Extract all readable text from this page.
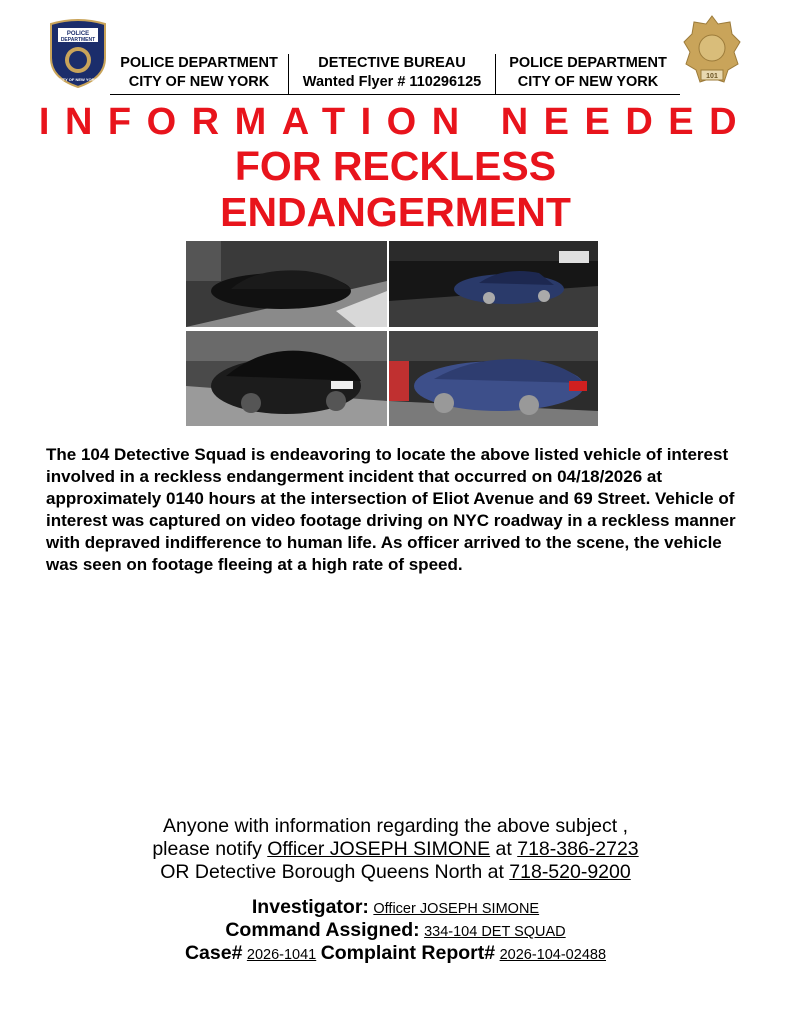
POLICE
DEPARTMENT
CITY OF NEW YORK	101
POLICE DEPARTMENT
CITY OF NEW YORK
DETECTIVE BUREAU
Wanted Flyer # 110296125
POLICE DEPARTMENT
CITY OF NEW YORK
INFORMATION NEEDED
FOR RECKLESS
ENDANGERMENT
The 104 Detective Squad is endeavoring to locate the above listed vehicle of interest involved in a reckless endangerment incident that occurred on 04/18/2026 at approximately 0140 hours at the intersection of Eliot Avenue and 69 Street. Vehicle of interest was captured on video footage driving on NYC roadway in a reckless manner with depraved indifference to human life. As officer arrived to the scene, the vehicle was seen on footage fleeing at a high rate of speed.
Anyone with information regarding the above subject ,
please notify Officer JOSEPH SIMONE at 718-386-2723
OR Detective Borough Queens North at 718-520-9200
Investigator: Officer JOSEPH SIMONE
Command Assigned: 334-104 DET SQUAD
Case# 2026-1041 Complaint Report# 2026-104-02488
